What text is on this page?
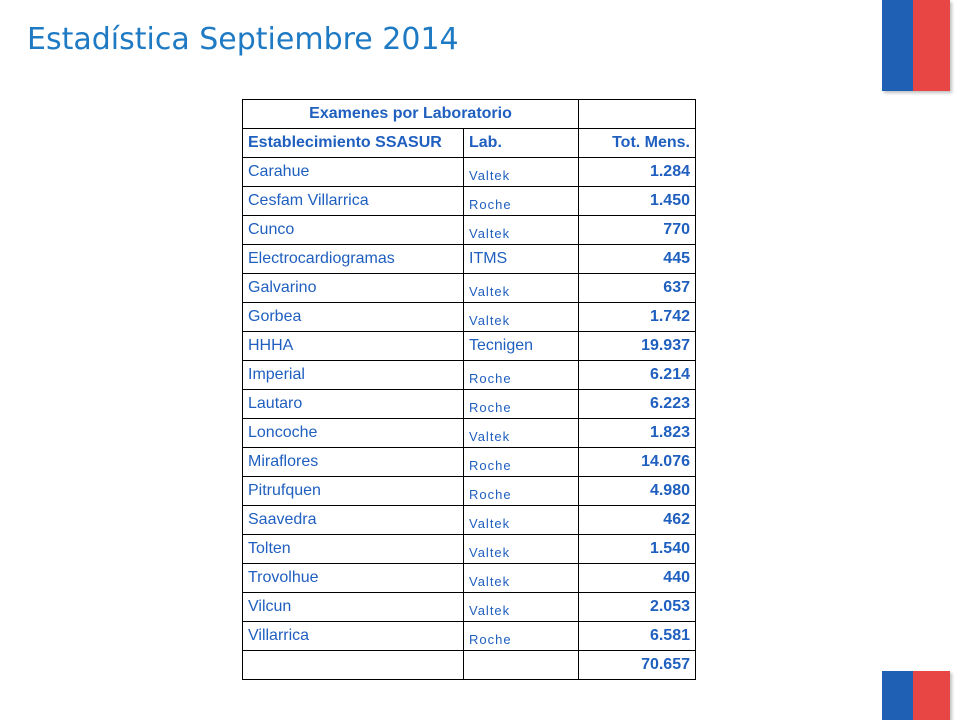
Estadística Septiembre 2014
Examenes por Laboratorio		
Establecimiento SSASUR	Lab.	Tot. Mens.
Carahue	$_{Valtek}$	1.284
Cesfam Villarrica	$_{Roche}$	1.450
Cunco	$_{Valtek}$	770
Electrocardiogramas	ITMS	445
Galvarino	$_{Valtek}$	637
Gorbea	$_{Valtek}$	1.742
HHHA	Tecnigen	19.937
Imperial	$_{Roche}$	6.214
Lautaro	$_{Roche}$	6.223
Loncoche	$_{Valtek}$	1.823
Miraflores	$_{Roche}$	14.076
Pitrufquen	$_{Roche}$	4.980
Saavedra	$_{Valtek}$	462
Tolten	$_{Valtek}$	1.540
Trovolhue	$_{Valtek}$	440
Vilcun	$_{Valtek}$	2.053
Villarrica	$_{Roche}$	6.581
		70.657
